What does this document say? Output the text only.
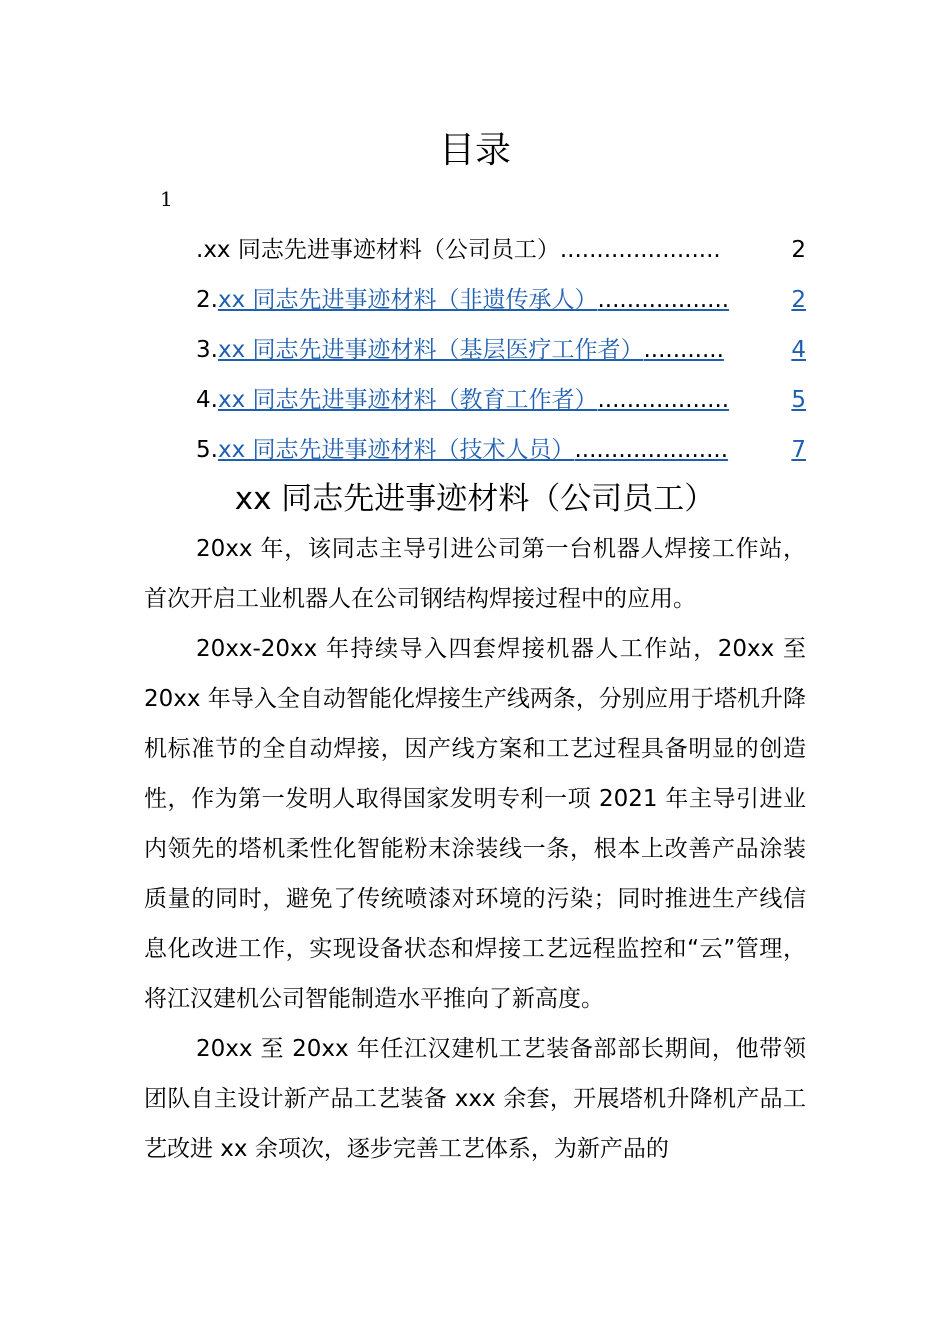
目录
1
. xx 同志先进事迹材料（公司员工） ......................	2
2. xx 同志先进事迹材料（非遗传承人） ..................	2
3. xx 同志先进事迹材料（基层医疗工作者） ...........	4
4. xx 同志先进事迹材料（教育工作者） ..................	5
5. xx 同志先进事迹材料（技术人员） .....................	7
xx 同志先进事迹材料（公司员工）

20xx 年，该同志主导引进公司第一台机器人焊接工作站，首次开启工业机器人在公司钢结构焊接过程中的应用。

20xx-20xx 年持续导入四套焊接机器人工作站，20xx 至 20xx 年导入全自动智能化焊接生产线两条，分别应用于塔机升降机标准节的全自动焊接，因产线方案和工艺过程具备明显的创造性，作为第一发明人取得国家发明专利一项 2021 年主导引进业内领先的塔机柔性化智能粉末涂装线一条，根本上改善产品涂装质量的同时，避免了传统喷漆对环境的污染；同时推进生产线信息化改进工作，实现设备状态和焊接工艺远程监控和“云”管理，将江汉建机公司智能制造水平推向了新高度。

20xx 至 20xx 年任江汉建机工艺装备部部长期间，他带领团队自主设计新产品工艺装备 xxx 余套，开展塔机升降机产品工艺改进 xx 余项次，逐步完善工艺体系，为新产品的
